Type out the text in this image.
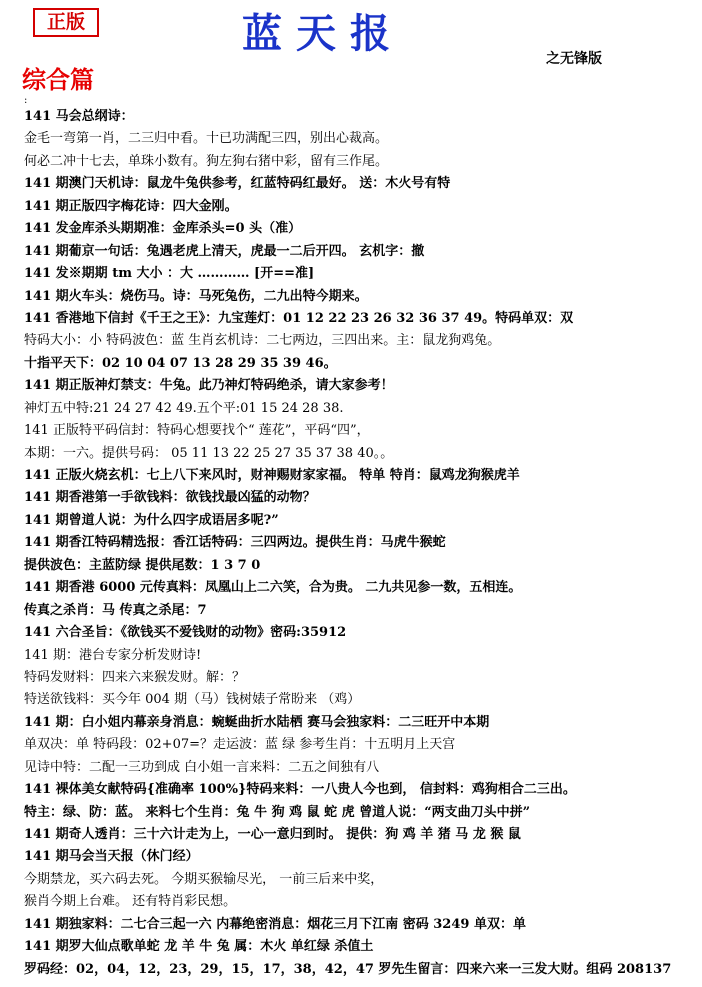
正版	蓝天报
之无锋版
综合篇
:
141 马会总纲诗：
金毛一弯第一肖，二三归中看。十已功满配三四，别出心裁高。
何必二冲十七去，单珠小数有。狗左狗右猪中彩，留有三作尾。
141 期澳门天机诗：鼠龙牛兔供参考，红蓝特码红最好。 送：木火号有特
141 期正版四字梅花诗：四大金刚。
141 发金库杀头期期准：金库杀头=0 头（准）
141 期葡京一句话：兔遇老虎上清天，虎最一二后开四。 玄机字：撤
141 发※期期 tm 大小 ：大 ………… [开==准]
141 期火车头：烧伤马。诗：马死兔伤，二九出特今期来。
141 香港地下信封《千王之王》：九宝莲灯：01 12 22 23 26 32 36 37 49。特码单双：双
特码大小：小 特码波色：蓝 生肖玄机诗：二七两边，三四出来。主：鼠龙狗鸡兔。
十指平天下：02 10 04 07 13 28 29 35 39 46。
141 期正版神灯禁支：牛兔。此乃神灯特码绝杀，请大家参考！
神灯五中特:21 24 27 42 49.五个平:01 15 24 28 38.
141 正版特平码信封：特码心想要找个“ 莲花”，平码“四”，
本期：一六。提供号码： 05 11 13 22 25 27 35 37 38 40。。
141 正版火烧玄机：七上八下来风时，财神赐财家家福。 特单 特肖：鼠鸡龙狗猴虎羊
141 期香港第一手欲钱料：欲钱找最凶猛的动物？
141 期曾道人说：为什么四字成语居多呢?”
141 期香江特码精选报：香江话特码：三四两边。提供生肖：马虎牛猴蛇
提供波色：主蓝防绿 提供尾数：1 3 7 0
141 期香港 6000 元传真料：凤凰山上二六笑，合为贵。 二九共见参一数，五相连。
传真之杀肖：马 传真之杀尾：7
141 六合圣旨：《欲钱买不爱钱财的动物》密码:35912
141 期：港台专家分析发财诗!
特码发财料：四来六来猴发财。解：？
特送欲钱料：买今年 004 期（马）钱树婊子常盼来 （鸡）
141 期：白小姐内幕亲身消息：蜿蜒曲折水陆栖 赛马会独家料：二三旺开中本期
单双决：单 特码段：02+07=？走运波：蓝 绿 参考生肖：十五明月上天宫
见诗中特：二配一三功到成 白小姐一言来料：二五之间独有八
141 裸体美女献特码{准确率 100%}特码来料：一八贵人今也到， 信封料：鸡狗相合二三出。
特主：绿、防：蓝。 来料七个生肖：兔 牛 狗 鸡 鼠 蛇 虎 曾道人说：“两支曲刀头中拼”
141 期奇人透肖：三十六计走为上，一心一意归到时。 提供：狗 鸡 羊 猪 马 龙 猴 鼠
141 期马会当天报（休门经）
今期禁龙，买六码去死。 今期买猴输尽光， 一前三后来中奖，
猴肖今期上台难。 还有特肖彩民想。
141 期独家料：二七合三起一六 内幕绝密消息：烟花三月下江南 密码 3249 单双：单
141 期罗大仙点歌单蛇 龙 羊 牛 兔 属：木火 单红绿 杀值土
罗码经：02，04，12，23，29，15，17，38，42，47 罗先生留言：四来六来一三发大财。组码 208137
